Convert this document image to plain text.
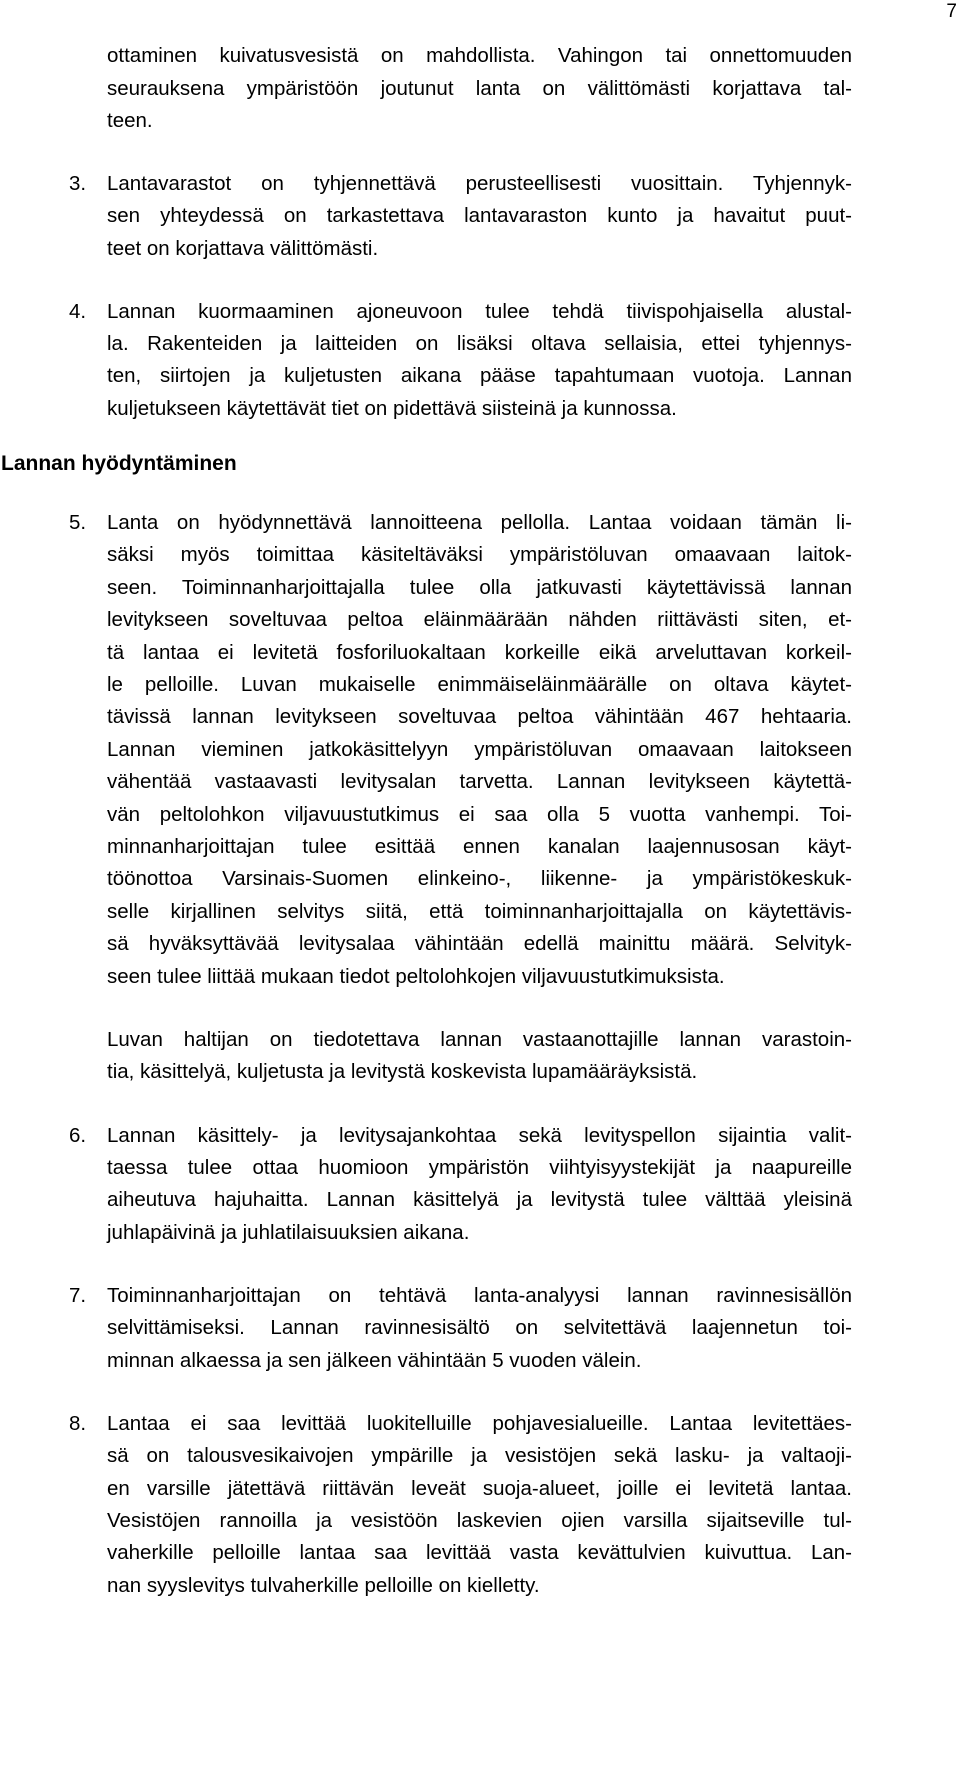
7
ottaminen kuivatusvesistä on mahdollista. Vahingon tai onnettomuuden
seurauksena ympäristöön joutunut lanta on välittömästi korjattava tal-
teen.
3. Lantavarastot on tyhjennettävä perusteellisesti vuosittain. Tyhjennyk-
sen yhteydessä on tarkastettava lantavaraston kunto ja havaitut puut-
teet on korjattava välittömästi.
4. Lannan kuormaaminen ajoneuvoon tulee tehdä tiivispohjaisella alustal-
la. Rakenteiden ja laitteiden on lisäksi oltava sellaisia, ettei tyhjennys-
ten, siirtojen ja kuljetusten aikana pääse tapahtumaan vuotoja. Lannan
kuljetukseen käytettävät tiet on pidettävä siisteinä ja kunnossa.
Lannan hyödyntäminen
5. Lanta on hyödynnettävä lannoitteena pellolla. Lantaa voidaan tämän li-
säksi myös toimittaa käsiteltäväksi ympäristöluvan omaavaan laitok-
seen. Toiminnanharjoittajalla tulee olla jatkuvasti käytettävissä lannan
levitykseen soveltuvaa peltoa eläinmäärään nähden riittävästi siten, et-
tä lantaa ei levitetä fosforiluokaltaan korkeille eikä arveluttavan korkeil-
le pelloille. Luvan mukaiselle enimmäiseläinmäärälle on oltava käytet-
tävissä lannan levitykseen soveltuvaa peltoa vähintään 467 hehtaaria.
Lannan vieminen jatkokäsittelyyn ympäristöluvan omaavaan laitokseen
vähentää vastaavasti levitysalan tarvetta. Lannan levitykseen käytettä-
vän peltolohkon viljavuustutkimus ei saa olla 5 vuotta vanhempi. Toi-
minnanharjoittajan tulee esittää ennen kanalan laajennusosan käyt-
töönottoa Varsinais-Suomen elinkeino-, liikenne- ja ympäristökeskuk-
selle kirjallinen selvitys siitä, että toiminnanharjoittajalla on käytettävis-
sä hyväksyttävää levitysalaa vähintään edellä mainittu määrä. Selvityk-
seen tulee liittää mukaan tiedot peltolohkojen viljavuustutkimuksista.
Luvan haltijan on tiedotettava lannan vastaanottajille lannan varastoin-
tia, käsittelyä, kuljetusta ja levitystä koskevista lupamääräyksistä.
6. Lannan käsittely- ja levitysajankohtaa sekä levityspellon sijaintia valit-
taessa tulee ottaa huomioon ympäristön viihtyisyystekijät ja naapureille
aiheutuva hajuhaitta. Lannan käsittelyä ja levitystä tulee välttää yleisinä
juhlapäivinä ja juhlatilaisuuksien aikana.
7. Toiminnanharjoittajan on tehtävä lanta-analyysi lannan ravinnesisällön
selvittämiseksi. Lannan ravinnesisältö on selvitettävä laajennetun toi-
minnan alkaessa ja sen jälkeen vähintään 5 vuoden välein.
8. Lantaa ei saa levittää luokitelluille pohjavesialueille. Lantaa levitettäes-
sä on talousvesikaivojen ympärille ja vesistöjen sekä lasku- ja valtaoji-
en varsille jätettävä riittävän leveät suoja-alueet, joille ei levitetä lantaa.
Vesistöjen rannoilla ja vesistöön laskevien ojien varsilla sijaitseville tul-
vaherkille pelloille lantaa saa levittää vasta kevättulvien kuivuttua. Lan-
nan syyslevitys tulvaherkille pelloille on kielletty.
